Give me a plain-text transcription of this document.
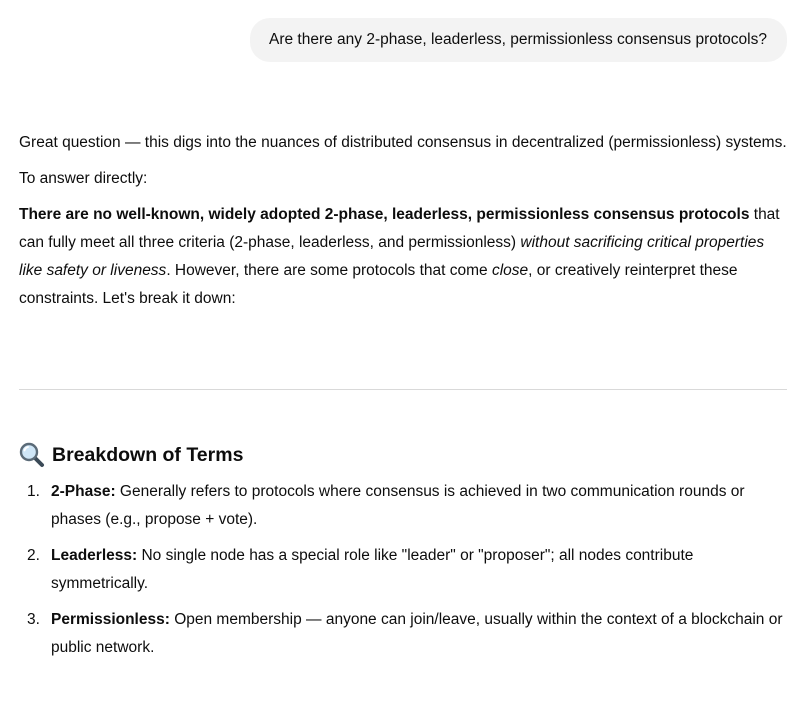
Are there any 2-phase, leaderless, permissionless consensus protocols?

Great question — this digs into the nuances of distributed consensus in decentralized (permissionless) systems.

To answer directly:

There are no well-known, widely adopted 2-phase, leaderless, permissionless consensus protocols that can fully meet all three criteria (2-phase, leaderless, and permissionless) without sacrificing critical properties like safety or liveness. However, there are some protocols that come close, or creatively reinterpret these constraints. Let's break it down:

Breakdown of Terms
1. 2-Phase: Generally refers to protocols where consensus is achieved in two communication rounds or phases (e.g., propose + vote).
2. Leaderless: No single node has a special role like "leader" or "proposer"; all nodes contribute symmetrically.
3. Permissionless: Open membership — anyone can join/leave, usually within the context of a blockchain or public network.
